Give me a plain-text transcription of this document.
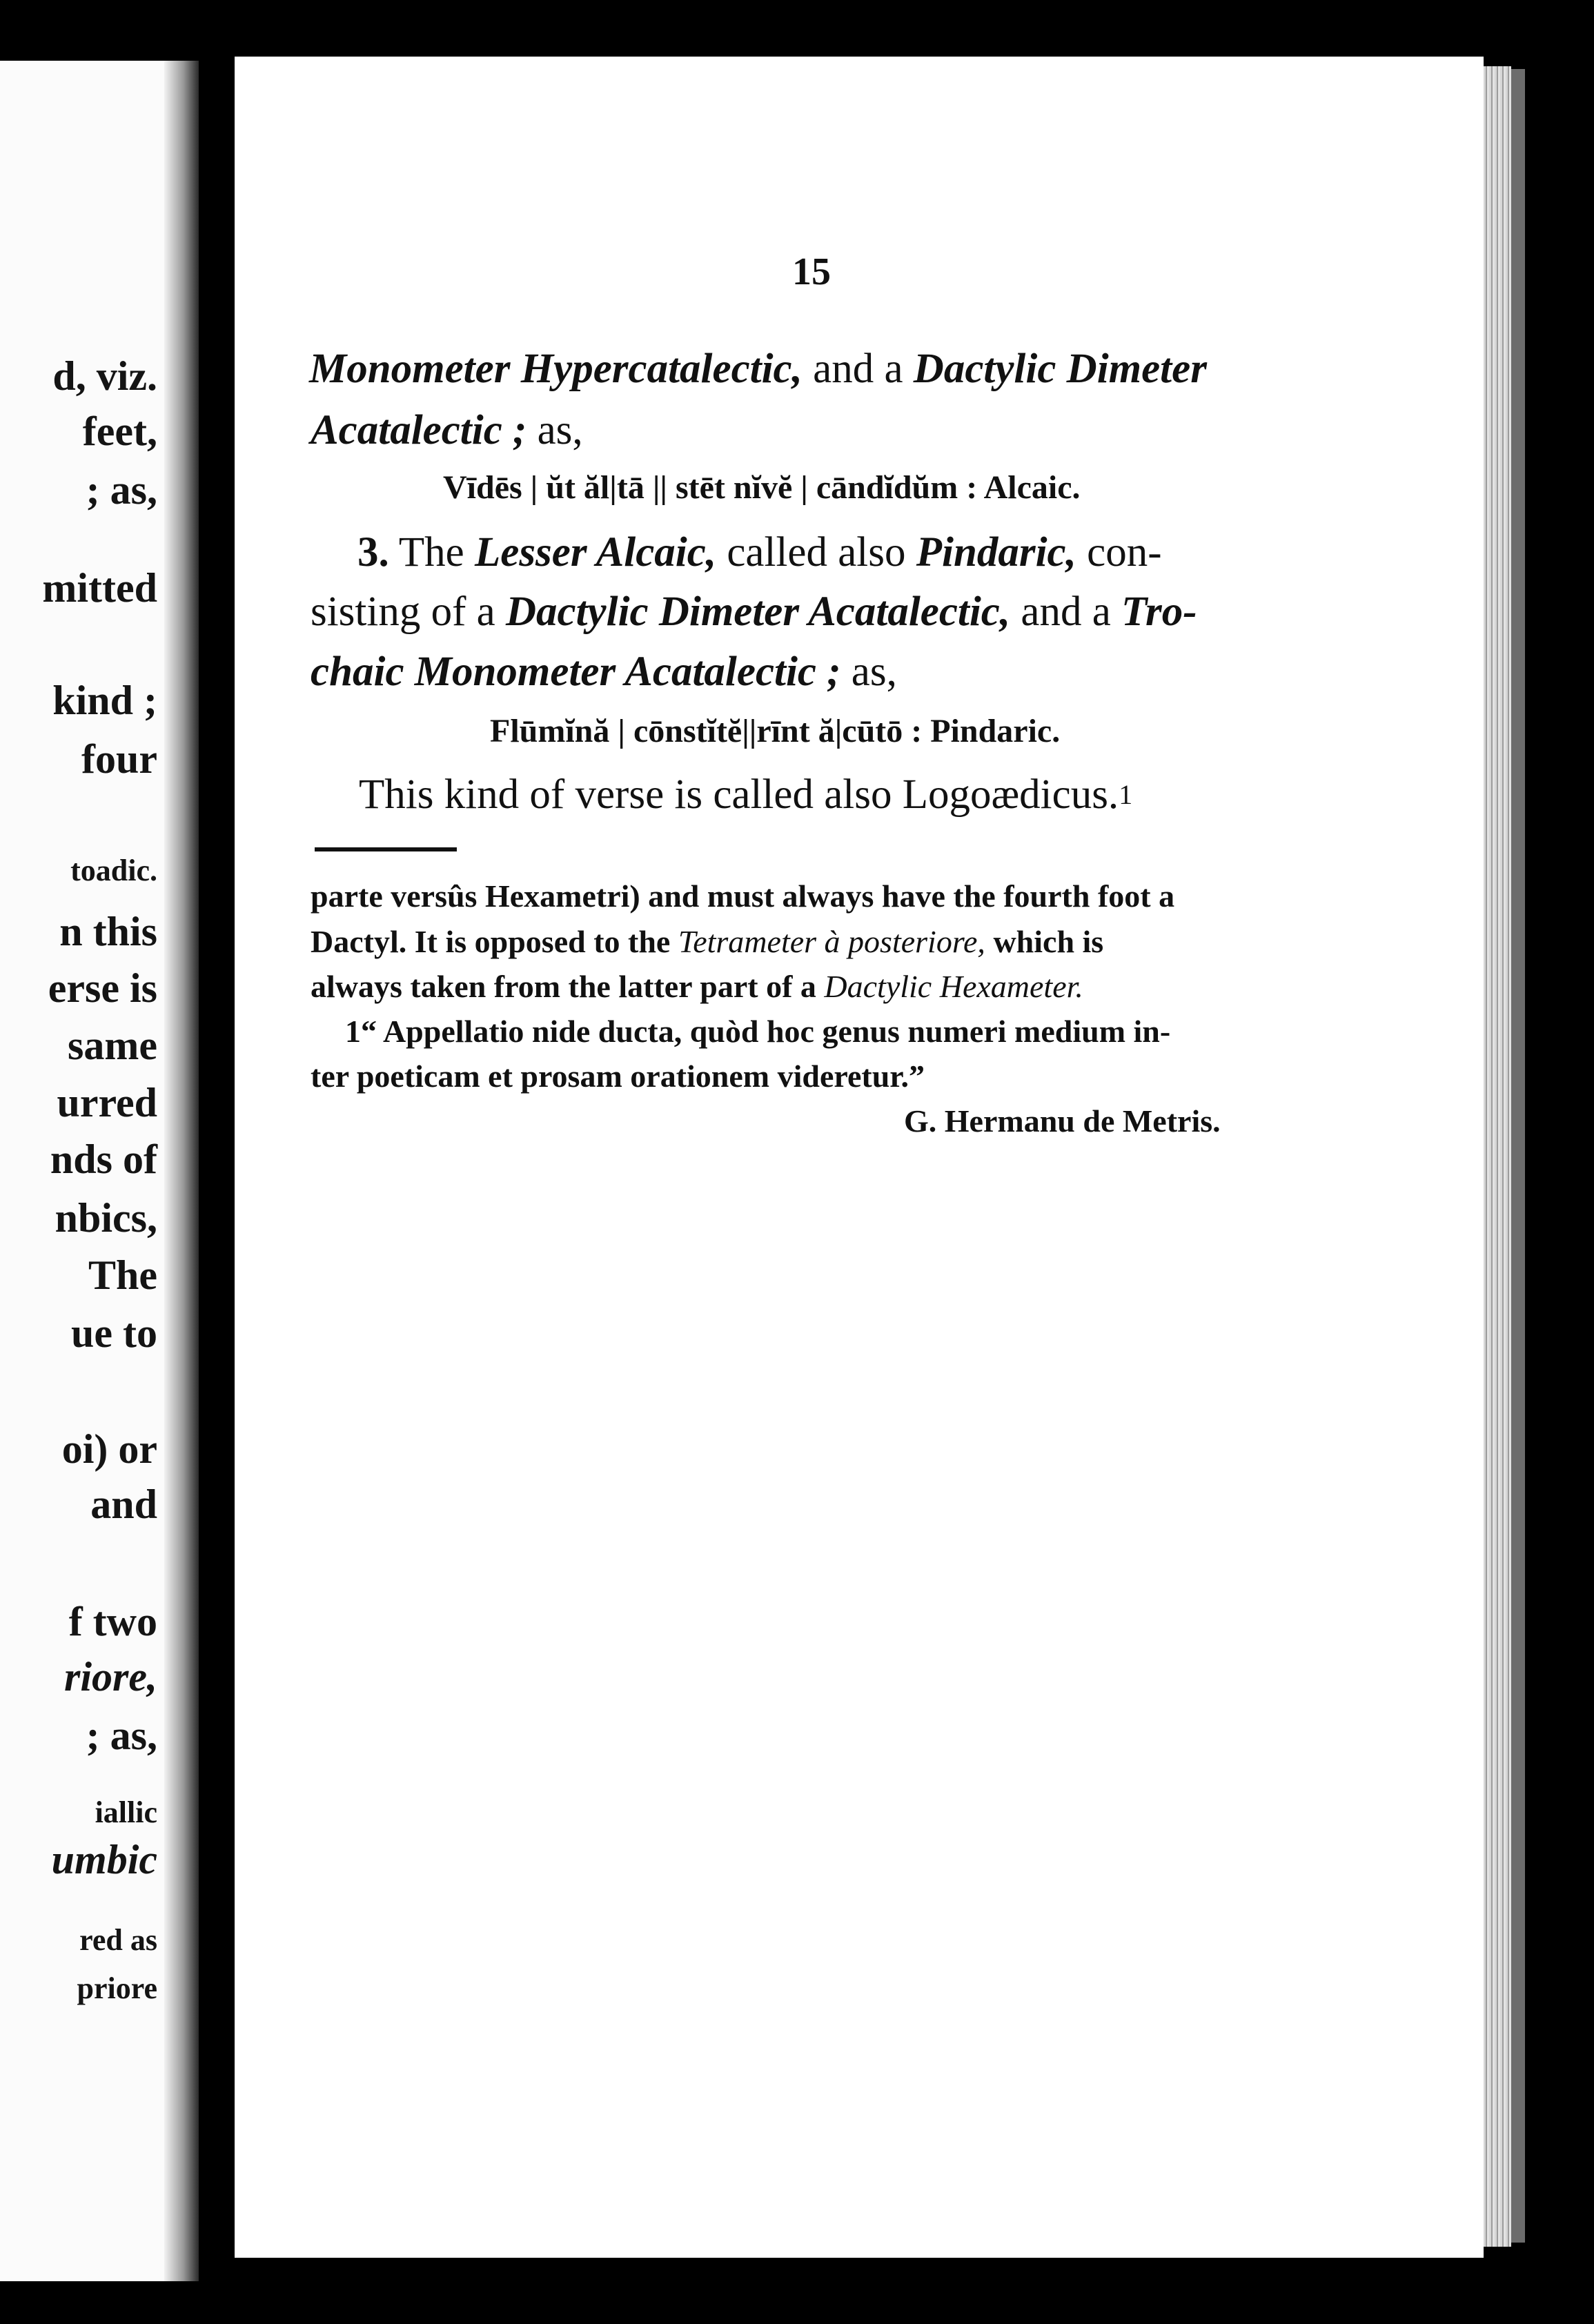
d, viz.
feet,
; as,
mitted
kind ;
four
toadic.
n this
erse is
same
urred
nds of
nbics,
The
ue to
oi) or
and
f two
riore,
; as,
iallic
umbic
red as
priore
15
Monometer Hypercatalectic, and a Dactylic Dimeter
Acatalectic ; as,
Vīdēs | ŭt ăl|tā || stēt nĭvĕ | cāndĭdŭm : Alcaic.
3. The Lesser Alcaic, called also Pindaric, con-
sisting of a Dactylic Dimeter Acatalectic, and a Tro-
chaic Monometer Acatalectic ; as,
Flūmĭnă | cōnstĭtĕ||rīnt ă|cūtō : Pindaric.
This kind of verse is called also Logoædicus.1
parte versûs Hexametri) and must always have the fourth foot a
Dactyl. It is opposed to the Tetrameter à posteriore, which is
always taken from the latter part of a Dactylic Hexameter.
1“ Appellatio nide ducta, quòd hoc genus numeri medium in-
ter poeticam et prosam orationem videretur.”
G. Hermanu de Metris.
